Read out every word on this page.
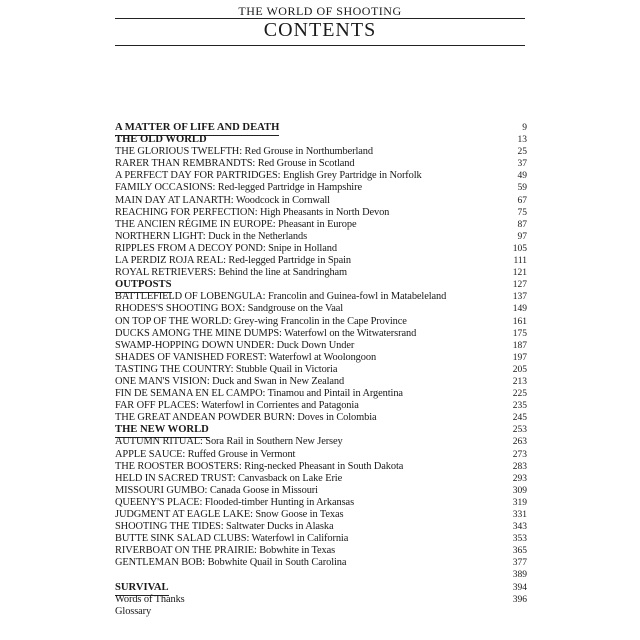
THE WORLD OF SHOOTING
CONTENTS
A MATTER OF LIFE AND DEATH	9
THE OLD WORLD	13
THE GLORIOUS TWELFTH: Red Grouse in Northumberland	25
RARER THAN REMBRANDTS: Red Grouse in Scotland	37
A PERFECT DAY FOR PARTRIDGES: English Grey Partridge in Norfolk	49
FAMILY OCCASIONS: Red-legged Partridge in Hampshire	59
MAIN DAY AT LANARTH: Woodcock in Cornwall	67
REACHING FOR PERFECTION: High Pheasants in North Devon	75
THE ANCIEN RÉGIME IN EUROPE: Pheasant in Europe	87
NORTHERN LIGHT: Duck in the Netherlands	97
RIPPLES FROM A DECOY POND: Snipe in Holland	105
LA PERDIZ ROJA REAL: Red-legged Partridge in Spain	111
ROYAL RETRIEVERS: Behind the line at Sandringham	121
OUTPOSTS	127
BATTLEFIELD OF LOBENGULA: Francolin and Guinea-fowl in Matabeleland	137
RHODES'S SHOOTING BOX: Sandgrouse on the Vaal	149
ON TOP OF THE WORLD: Grey-wing Francolin in the Cape Province	161
DUCKS AMONG THE MINE DUMPS: Waterfowl on the Witwatersrand	175
SWAMP-HOPPING DOWN UNDER: Duck Down Under	187
SHADES OF VANISHED FOREST: Waterfowl at Woolongoon	197
TASTING THE COUNTRY: Stubble Quail in Victoria	205
ONE MAN'S VISION: Duck and Swan in New Zealand	213
FIN DE SEMANA EN EL CAMPO: Tinamou and Pintail in Argentina	225
FAR OFF PLACES: Waterfowl in Corrientes and Patagonia	235
THE GREAT ANDEAN POWDER BURN: Doves in Colombia	245
THE NEW WORLD	253
AUTUMN RITUAL: Sora Rail in Southern New Jersey	263
APPLE SAUCE: Ruffed Grouse in Vermont	273
THE ROOSTER BOOSTERS: Ring-necked Pheasant in South Dakota	283
HELD IN SACRED TRUST: Canvasback on Lake Erie	293
MISSOURI GUMBO: Canada Goose in Missouri	309
QUEENY'S PLACE: Flooded-timber Hunting in Arkansas	319
JUDGMENT AT EAGLE LAKE: Snow Goose in Texas	331
SHOOTING THE TIDES: Saltwater Ducks in Alaska	343
BUTTE SINK SALAD CLUBS: Waterfowl in California	353
RIVERBOAT ON THE PRAIRIE: Bobwhite in Texas	365
GENTLEMAN BOB: Bobwhite Quail in South Carolina	377
389
SURVIVAL	394
Words of Thanks	396
Glossary
